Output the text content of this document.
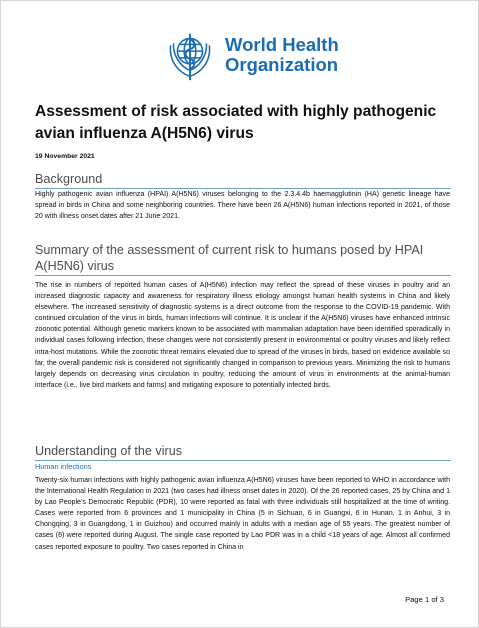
World Health
Organization
Assessment of risk associated with highly pathogenic avian influenza A(H5N6) virus
19 November 2021
Background
Highly pathogenic avian influenza (HPAI) A(H5N6) viruses belonging to the 2.3.4.4b haemagglutinin (HA) genetic lineage have spread in birds in China and some neighboring countries. There have been 26 A(H5N6) human infections reported in 2021, of those 20 with illness onset dates after 21 June 2021.
Summary of the assessment of current risk to humans posed by HPAI A(H5N6) virus
The rise in numbers of reported human cases of A(H5N6) infection may reflect the spread of these viruses in poultry and an increased diagnostic capacity and awareness for respiratory illness etiology amongst human health systems in China and likely elsewhere. The increased sensitivity of diagnostic systems is a direct outcome from the response to the COVID-19 pandemic. With continued circulation of the virus in birds, human infections will continue. It is unclear if the A(H5N6) viruses have enhanced intrinsic zoonotic potential. Although genetic markers known to be associated with mammalian adaptation have been identified sporadically in individual cases following infection, these changes were not consistently present in environmental or poultry viruses and likely reflect intra-host mutations. While the zoonotic threat remains elevated due to spread of the viruses in birds, based on evidence available so far, the overall pandemic risk is considered not significantly changed in comparison to previous years. Minimizing the risk to humans largely depends on decreasing virus circulation in poultry, reducing the amount of virus in environments at the animal-human interface (i.e., live bird markets and farms) and mitigating exposure to potentially infected birds.
Understanding of the virus
Human infections
Twenty-six human infections with highly pathogenic avian influenza A(H5N6) viruses have been reported to WHO in accordance with the International Health Regulation in 2021 (two cases had illness onset dates in 2020). Of the 26 reported cases, 25 by China and 1 by Lao People’s Democratic Republic (PDR), 10 were reported as fatal with three individuals still hospitalized at the time of writing. Cases were reported from 6 provinces and 1 municipality in China (5 in Sichuan, 6 in Guangxi, 6 in Hunan, 1 in Anhui, 3 in Chongqing, 3 in Guangdong, 1 in Guizhou) and occurred mainly in adults with a median age of 55 years. The greatest number of cases (6) were reported during August. The single case reported by Lao PDR was in a child <18 years of age. Almost all confirmed cases reported exposure to poultry. Two cases reported in China in
Page 1 of 3
